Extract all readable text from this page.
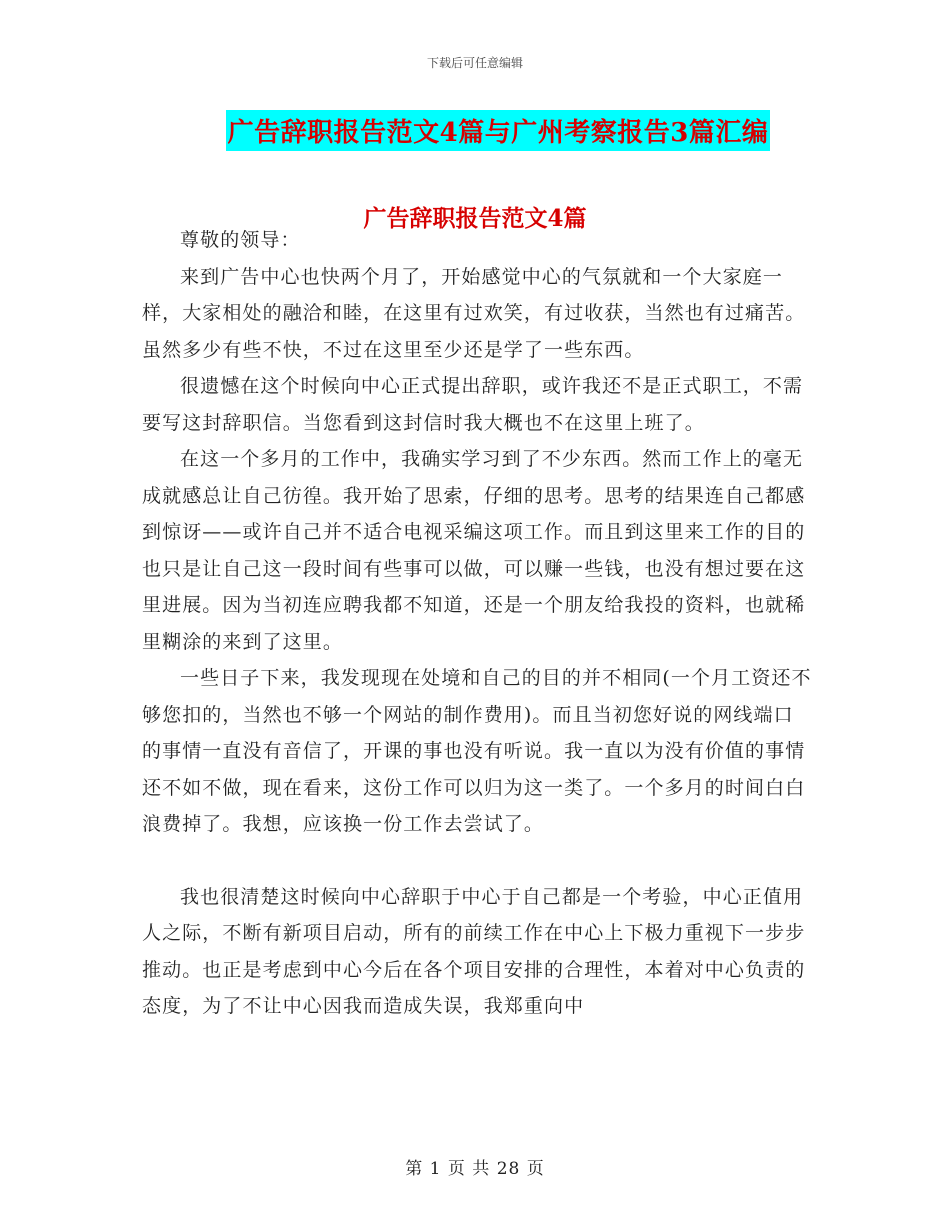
下载后可任意编辑
广告辞职报告范文4篇与广州考察报告3篇汇编
广告辞职报告范文4篇

尊敬的领导：

来到广告中心也快两个月了，开始感觉中心的气氛就和一个大家庭一样，大家相处的融洽和睦，在这里有过欢笑，有过收获，当然也有过痛苦。虽然多少有些不快，不过在这里至少还是学了一些东西。

很遗憾在这个时候向中心正式提出辞职，或许我还不是正式职工，不需要写这封辞职信。当您看到这封信时我大概也不在这里上班了。

在这一个多月的工作中，我确实学习到了不少东西。然而工作上的毫无成就感总让自己彷徨。我开始了思索，仔细的思考。思考的结果连自己都感到惊讶——或许自己并不适合电视采编这项工作。而且到这里来工作的目的也只是让自己这一段时间有些事可以做，可以赚一些钱，也没有想过要在这里进展。因为当初连应聘我都不知道，还是一个朋友给我投的资料，也就稀里糊涂的来到了这里。

一些日子下来，我发现现在处境和自己的目的并不相同(一个月工资还不够您扣的，当然也不够一个网站的制作费用)。而且当初您好说的网线端口的事情一直没有音信了，开课的事也没有听说。我一直以为没有价值的事情还不如不做，现在看来，这份工作可以归为这一类了。一个多月的时间白白浪费掉了。我想，应该换一份工作去尝试了。

我也很清楚这时候向中心辞职于中心于自己都是一个考验，中心正值用人之际，不断有新项目启动，所有的前续工作在中心上下极力重视下一步步推动。也正是考虑到中心今后在各个项目安排的合理性，本着对中心负责的态度，为了不让中心因我而造成失误，我郑重向中

第 1 页 共 28 页
